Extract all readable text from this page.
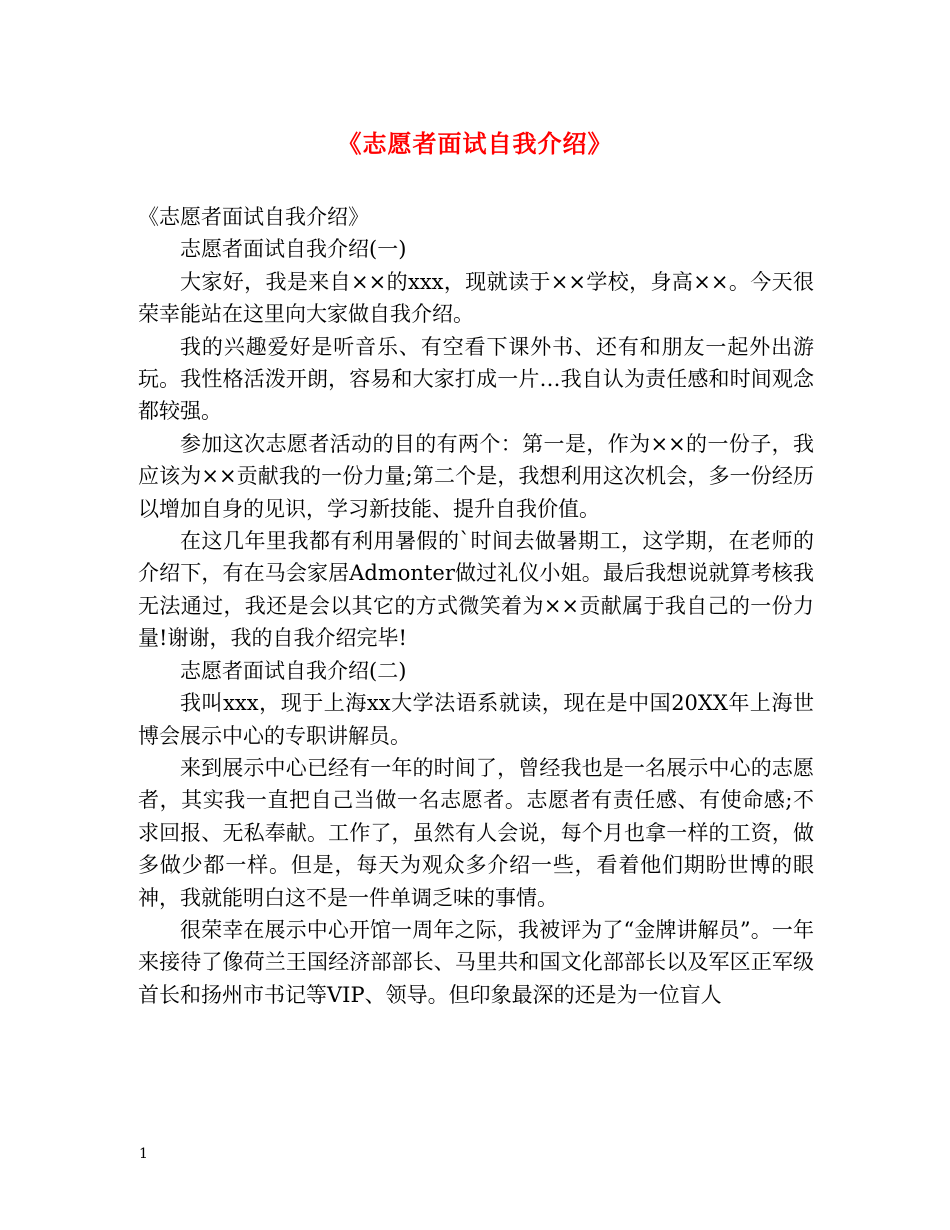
《志愿者面试自我介绍》

《志愿者面试自我介绍》

志愿者面试自我介绍(一)

大家好，我是来自××的xxx，现就读于××学校，身高××。今天很荣幸能站在这里向大家做自我介绍。

我的兴趣爱好是听音乐、有空看下课外书、还有和朋友一起外出游玩。我性格活泼开朗，容易和大家打成一片…我自认为责任感和时间观念都较强。

参加这次志愿者活动的目的有两个：第一是，作为××的一份子，我应该为××贡献我的一份力量;第二个是，我想利用这次机会，多一份经历以增加自身的见识，学习新技能、提升自我价值。

在这几年里我都有利用暑假的`时间去做暑期工，这学期，在老师的介绍下，有在马会家居Admonter做过礼仪小姐。最后我想说就算考核我无法通过，我还是会以其它的方式微笑着为××贡献属于我自己的一份力量!谢谢，我的自我介绍完毕!

志愿者面试自我介绍(二)

我叫xxx，现于上海xx大学法语系就读，现在是中国20XX年上海世博会展示中心的专职讲解员。

来到展示中心已经有一年的时间了，曾经我也是一名展示中心的志愿者，其实我一直把自己当做一名志愿者。志愿者有责任感、有使命感;不求回报、无私奉献。工作了，虽然有人会说，每个月也拿一样的工资，做多做少都一样。但是，每天为观众多介绍一些，看着他们期盼世博的眼神，我就能明白这不是一件单调乏味的事情。

很荣幸在展示中心开馆一周年之际，我被评为了“金牌讲解员”。一年来接待了像荷兰王国经济部部长、马里共和国文化部部长以及军区正军级首长和扬州市书记等VIP、领导。但印象最深的还是为一位盲人

1
